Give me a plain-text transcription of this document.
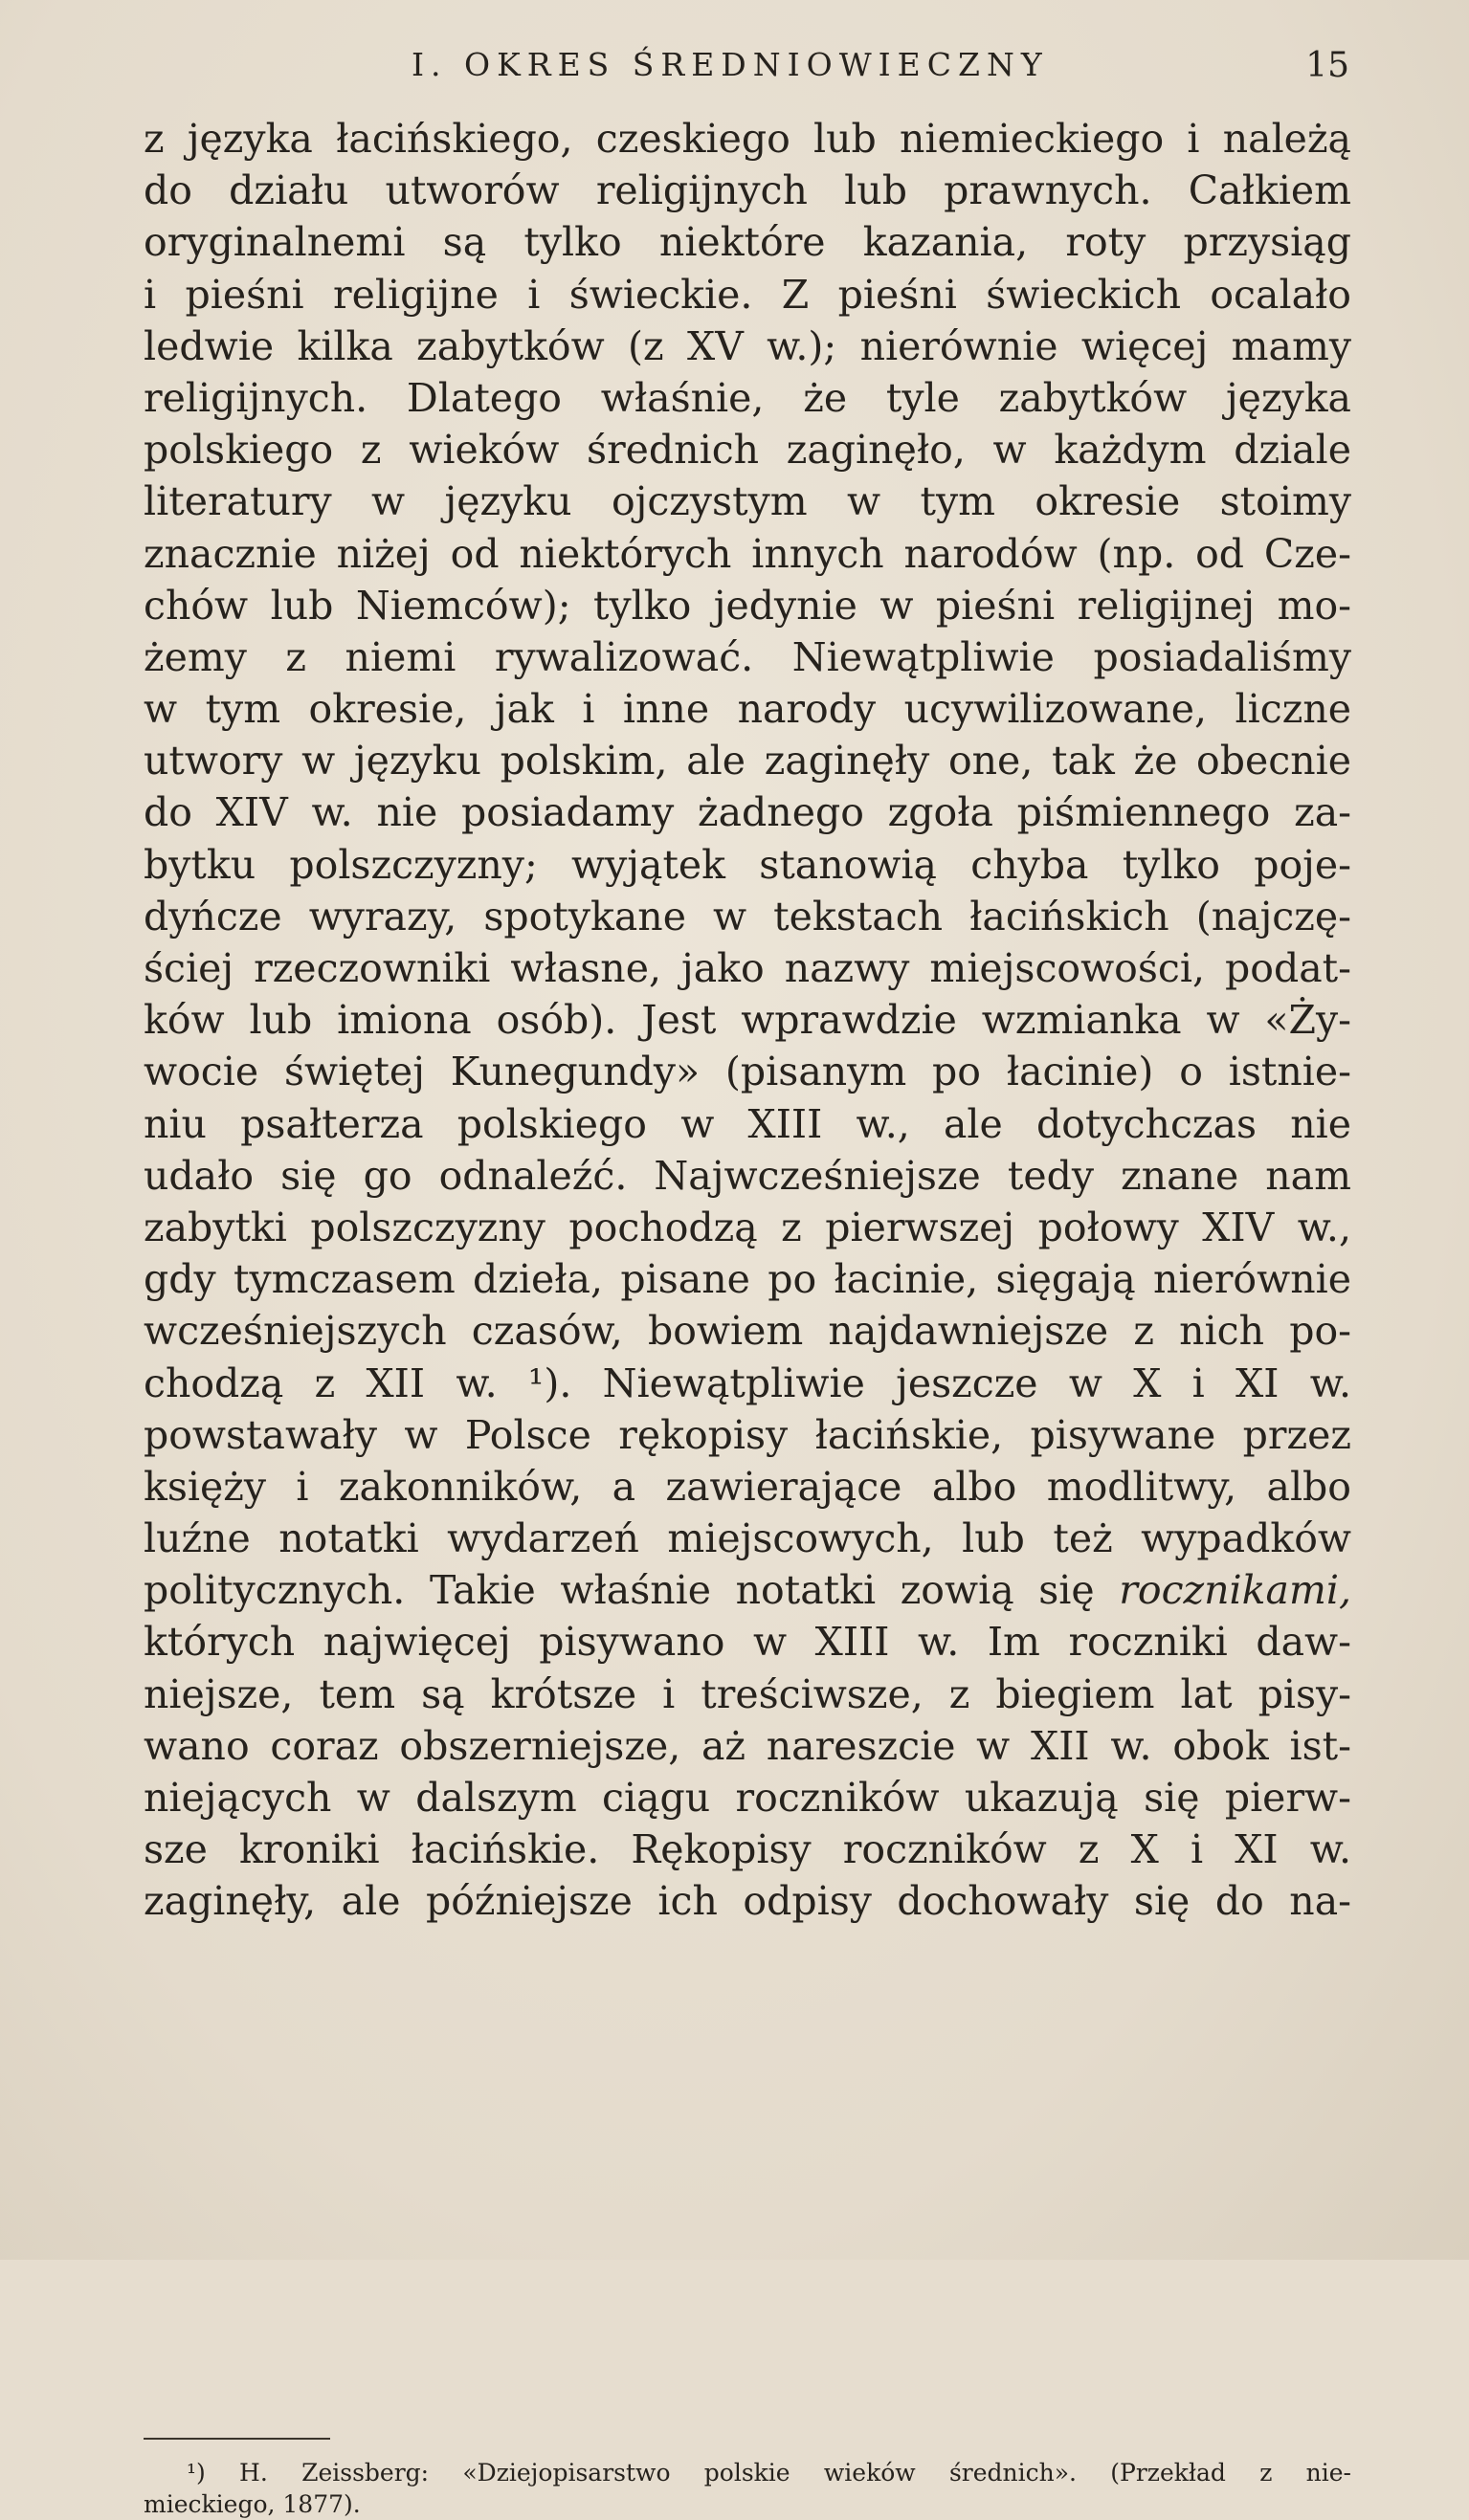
I. OKRES ŚREDNIOWIECZNY	15
z języka łacińskiego, czeskiego lub niemieckiego i należą
do działu utworów religijnych lub prawnych. Całkiem
oryginalnemi są tylko niektóre kazania, roty przysiąg
i pieśni religijne i świeckie. Z pieśni świeckich ocalało
ledwie kilka zabytków (z XV w.); nierównie więcej mamy
religijnych. Dlatego właśnie, że tyle zabytków języka
polskiego z wieków średnich zaginęło, w każdym dziale
literatury w języku ojczystym w tym okresie stoimy
znacznie niżej od niektórych innych narodów (np. od Cze-
chów lub Niemców); tylko jedynie w pieśni religijnej mo-
żemy z niemi rywalizować. Niewątpliwie posiadaliśmy
w tym okresie, jak i inne narody ucywilizowane, liczne
utwory w języku polskim, ale zaginęły one, tak że obecnie
do XIV w. nie posiadamy żadnego zgoła piśmiennego za-
bytku polszczyzny; wyjątek stanowią chyba tylko poje-
dyńcze wyrazy, spotykane w tekstach łacińskich (najczę-
ściej rzeczowniki własne, jako nazwy miejscowości, podat-
ków lub imiona osób). Jest wprawdzie wzmianka w «Ży-
wocie świętej Kunegundy» (pisanym po łacinie) o istnie-
niu psałterza polskiego w XIII w., ale dotychczas nie
udało się go odnaleźć. Najwcześniejsze tedy znane nam
zabytki polszczyzny pochodzą z pierwszej połowy XIV w.,
gdy tymczasem dzieła, pisane po łacinie, sięgają nierównie
wcześniejszych czasów, bowiem najdawniejsze z nich po-
chodzą z XII w. ¹). Niewątpliwie jeszcze w X i XI w.
powstawały w Polsce rękopisy łacińskie, pisywane przez
księży i zakonników, a zawierające albo modlitwy, albo
luźne notatki wydarzeń miejscowych, lub też wypadków
politycznych. Takie właśnie notatki zowią się rocznikami,
których najwięcej pisywano w XIII w. Im roczniki daw-
niejsze, tem są krótsze i treściwsze, z biegiem lat pisy-
wano coraz obszerniejsze, aż nareszcie w XII w. obok ist-
niejących w dalszym ciągu roczników ukazują się pierw-
sze kroniki łacińskie. Rękopisy roczników z X i XI w.
zaginęły, ale późniejsze ich odpisy dochowały się do na-
¹) H. Zeissberg: «Dziejopisarstwo polskie wieków średnich». (Przekład z nie-
mieckiego, 1877).
